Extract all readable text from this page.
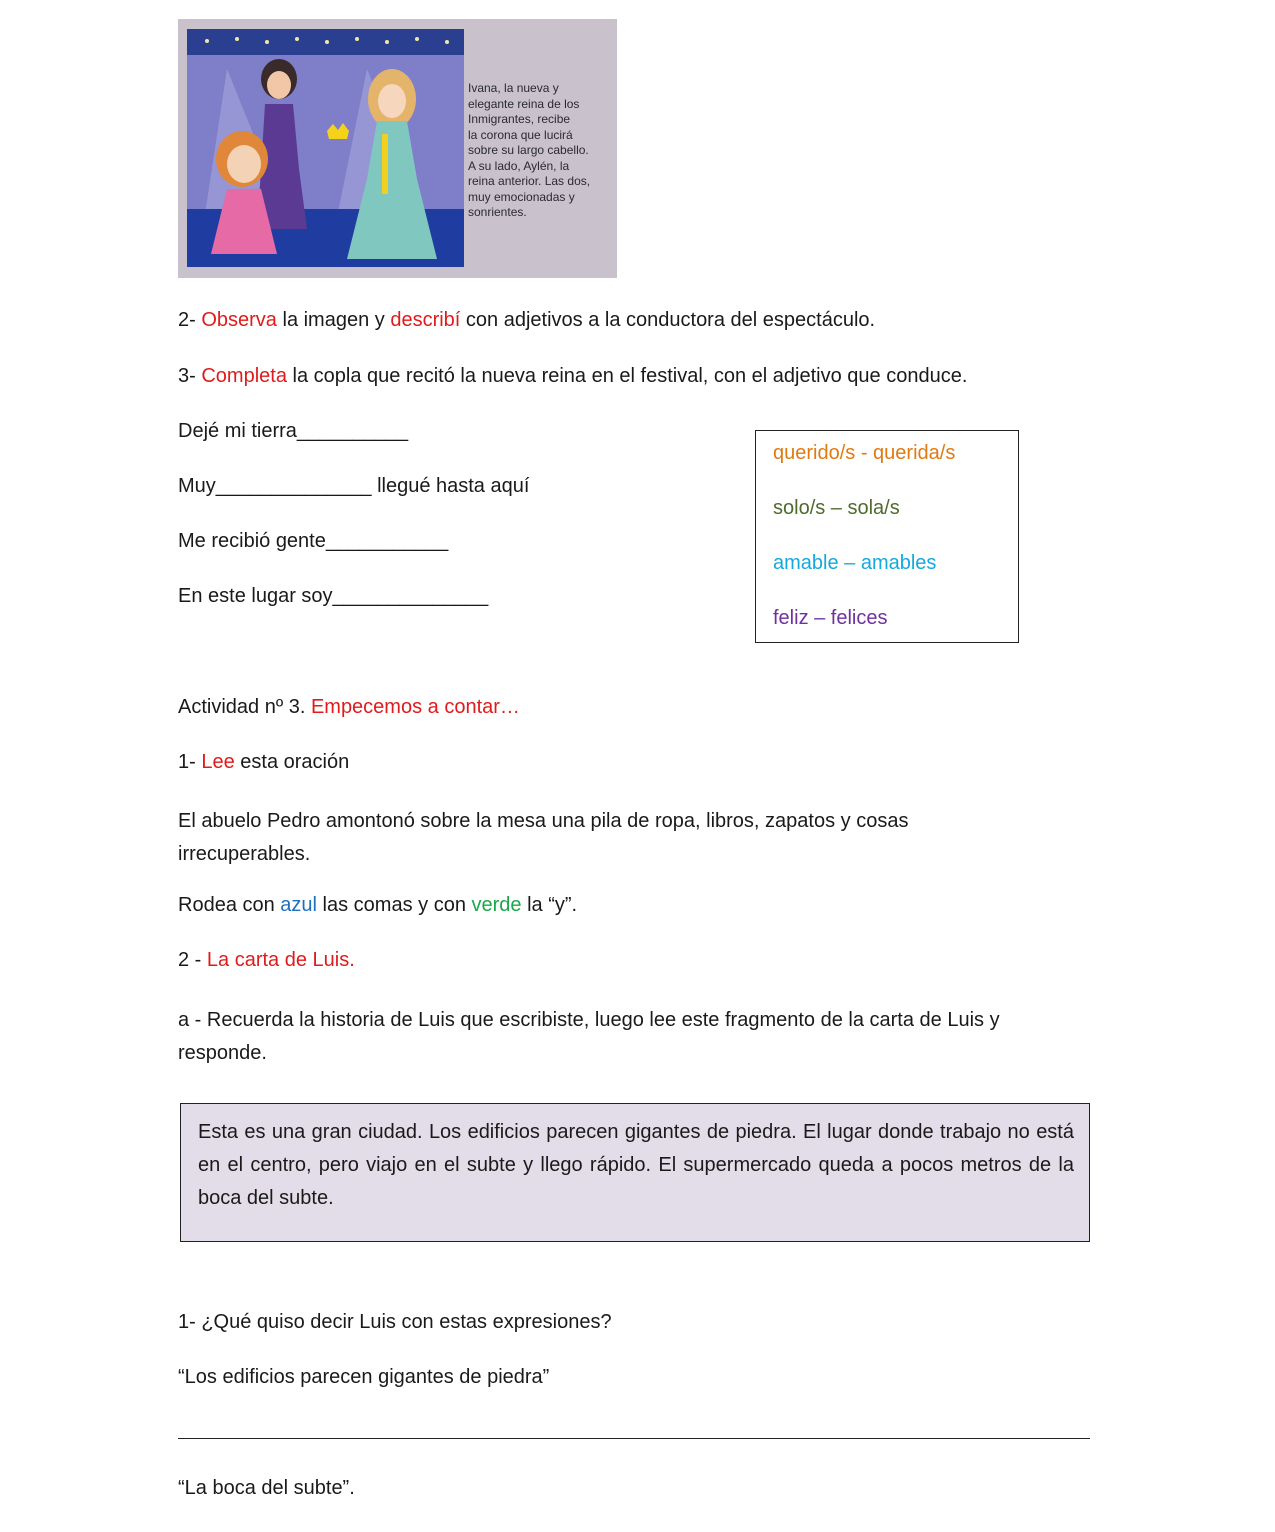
Ivana, la nueva y
elegante reina de los
Inmigrantes, recibe
la corona que lucirá
sobre su largo cabello.
A su lado, Aylén, la
reina anterior. Las dos,
muy emocionadas y
sonrientes.
2- Observa la imagen y describí con adjetivos a la conductora del espectáculo.
3- Completa la copla que recitó la nueva reina en el festival, con el adjetivo que conduce.
Dejé mi tierra__________
Muy______________ llegué hasta aquí
Me recibió gente___________
En este lugar soy______________
querido/s - querida/s
solo/s – sola/s
amable – amables
feliz – felices
Actividad nº 3. Empecemos a contar…
1- Lee esta oración
El abuelo Pedro amontonó sobre la mesa una pila de ropa, libros, zapatos y cosas
irrecuperables.
Rodea con azul las comas y con verde la “y”.
2 - La carta de Luis.
a - Recuerda la historia de Luis que escribiste, luego lee este fragmento de la carta de Luis y
responde.
Esta es una gran ciudad. Los edificios parecen gigantes de piedra. El lugar donde trabajo no está en el centro, pero viajo en el subte y llego rápido. El supermercado queda a pocos metros de la boca del subte.
1- ¿Qué quiso decir Luis con estas expresiones?
“Los edificios parecen gigantes de piedra”
“La boca del subte”.
